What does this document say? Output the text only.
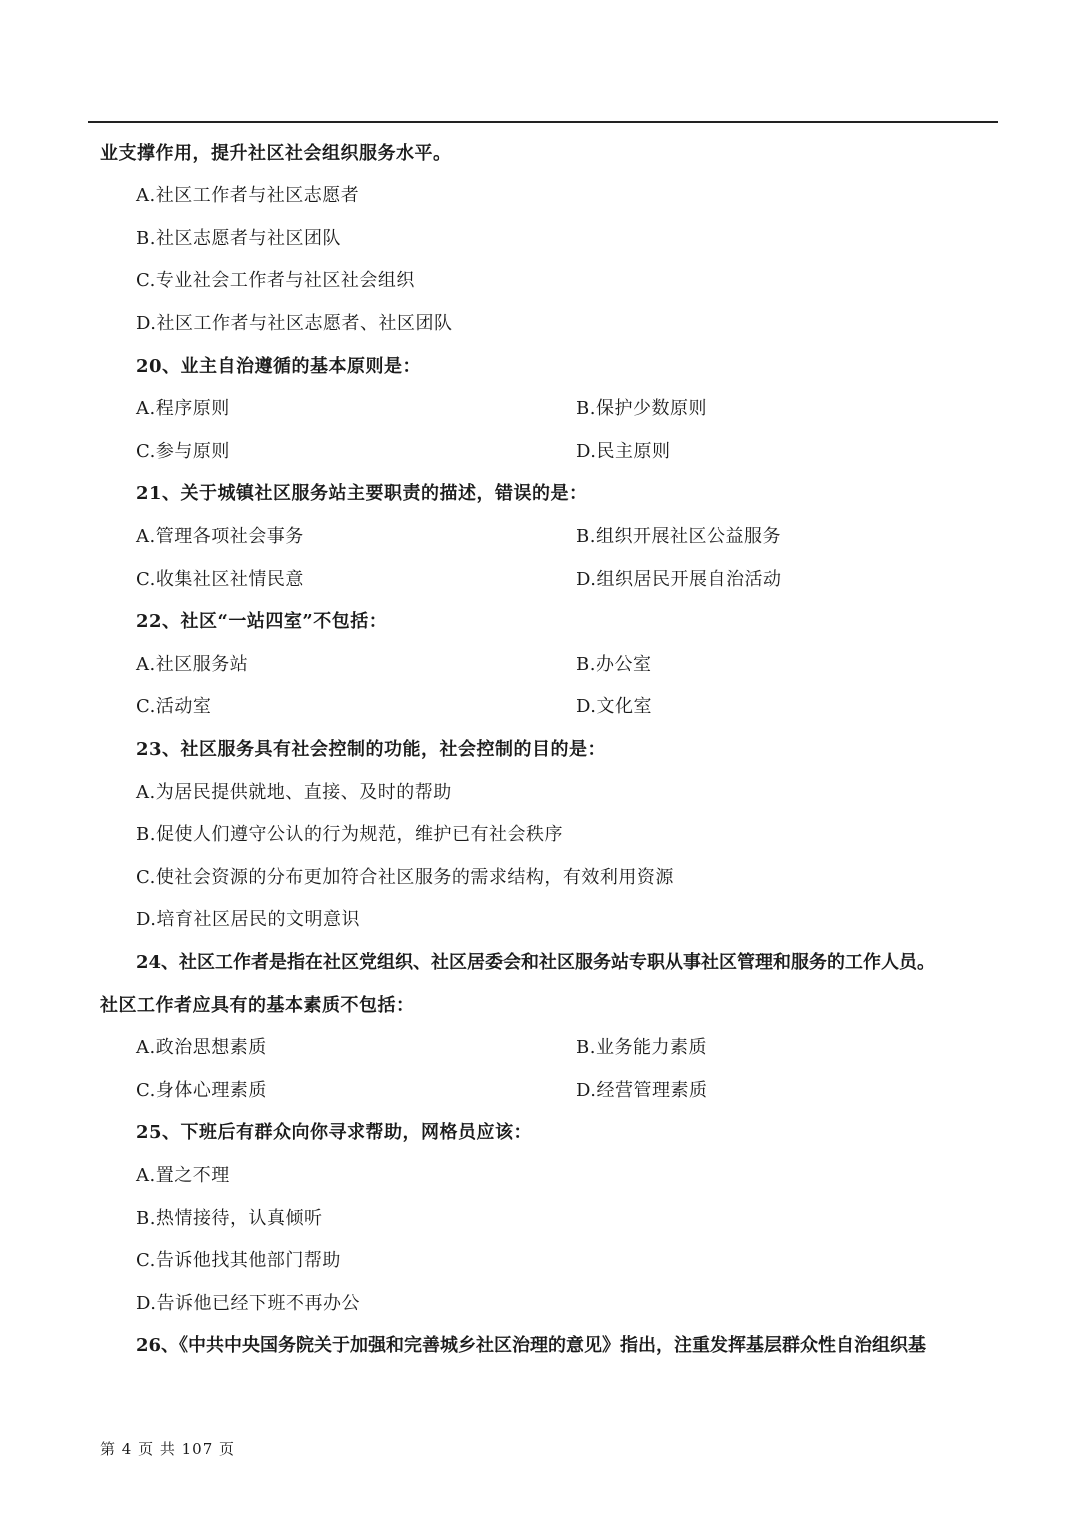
业支撑作用，提升社区社会组织服务水平。
A.社区工作者与社区志愿者
B.社区志愿者与社区团队
C.专业社会工作者与社区社会组织
D.社区工作者与社区志愿者、社区团队
20、业主自治遵循的基本原则是：
A.程序原则	B.保护少数原则
C.参与原则	D.民主原则
21、关于城镇社区服务站主要职责的描述，错误的是：
A.管理各项社会事务	B.组织开展社区公益服务
C.收集社区社情民意	D.组织居民开展自治活动
22、社区“一站四室”不包括：
A.社区服务站	B.办公室
C.活动室	D.文化室
23、社区服务具有社会控制的功能，社会控制的目的是：
A.为居民提供就地、直接、及时的帮助
B.促使人们遵守公认的行为规范，维护已有社会秩序
C.使社会资源的分布更加符合社区服务的需求结构，有效利用资源
D.培育社区居民的文明意识
24、社区工作者是指在社区党组织、社区居委会和社区服务站专职从事社区管理和服务的工作人员。
社区工作者应具有的基本素质不包括：
A.政治思想素质	B.业务能力素质
C.身体心理素质	D.经营管理素质
25、下班后有群众向你寻求帮助，网格员应该：
A.置之不理
B.热情接待，认真倾听
C.告诉他找其他部门帮助
D.告诉他已经下班不再办公
26、《中共中央国务院关于加强和完善城乡社区治理的意见》指出，注重发挥基层群众性自治组织基
第 4 页 共 107 页
